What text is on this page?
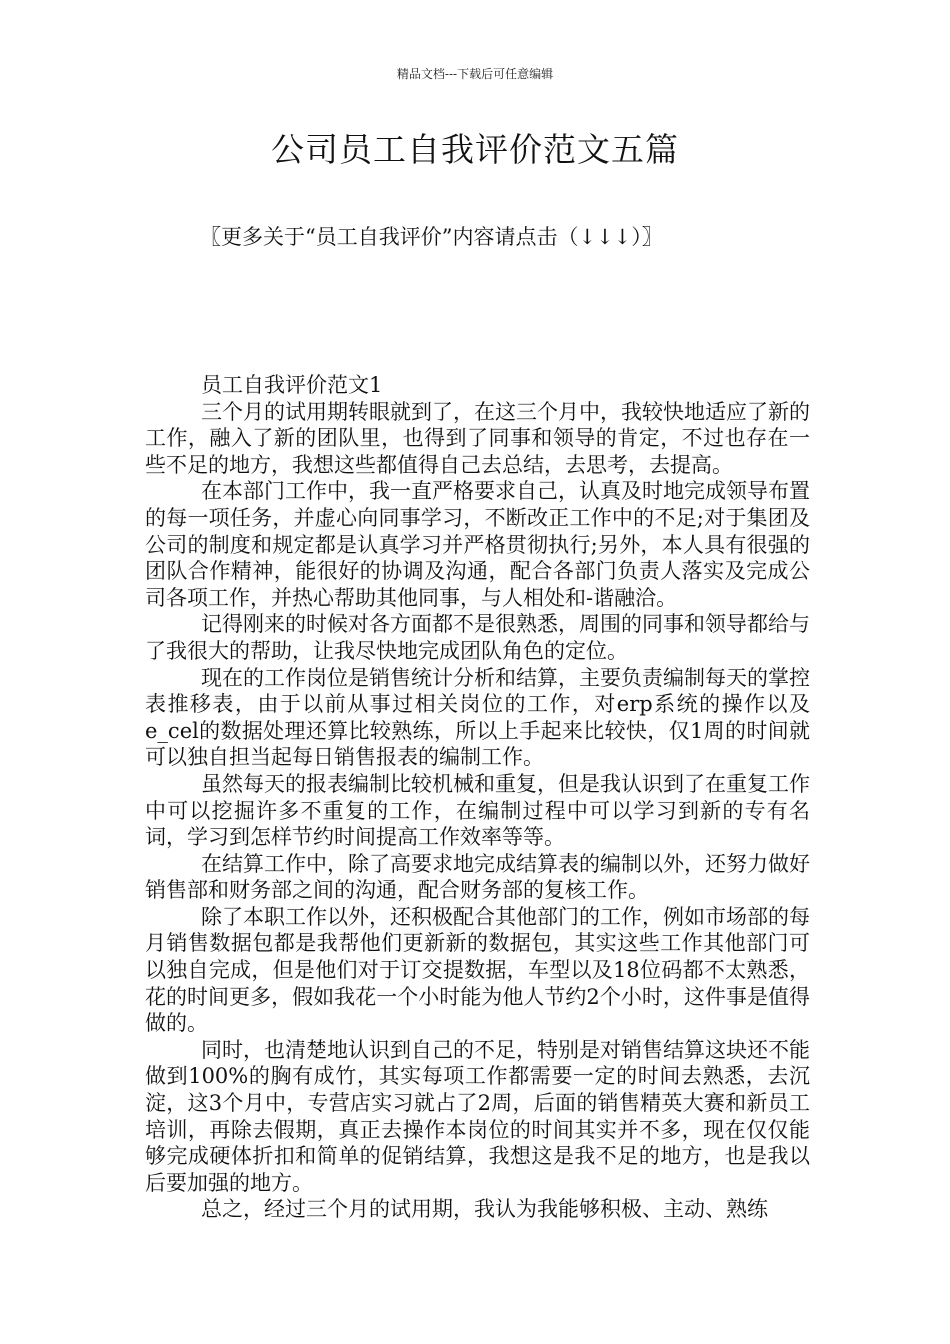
精品文档---下载后可任意编辑
公司员工自我评价范文五篇
〖更多关于“员工自我评价”内容请点击（↓↓↓）〗

员工自我评价范文1

三个月的试用期转眼就到了，在这三个月中，我较快地适应了新的工作，融入了新的团队里，也得到了同事和领导的肯定，不过也存在一些不足的地方，我想这些都值得自己去总结，去思考，去提高。

在本部门工作中，我一直严格要求自己，认真及时地完成领导布置的每一项任务，并虚心向同事学习，不断改正工作中的不足;对于集团及公司的制度和规定都是认真学习并严格贯彻执行;另外，本人具有很强的团队合作精神，能很好的协调及沟通，配合各部门负责人落实及完成公司各项工作，并热心帮助其他同事，与人相处和-谐融洽。

记得刚来的时候对各方面都不是很熟悉，周围的同事和领导都给与了我很大的帮助，让我尽快地完成团队角色的定位。

现在的工作岗位是销售统计分析和结算，主要负责编制每天的掌控表推移表，由于以前从事过相关岗位的工作，对erp系统的操作以及e_cel的数据处理还算比较熟练，所以上手起来比较快，仅1周的时间就可以独自担当起每日销售报表的编制工作。

虽然每天的报表编制比较机械和重复，但是我认识到了在重复工作中可以挖掘许多不重复的工作，在编制过程中可以学习到新的专有名词，学习到怎样节约时间提高工作效率等等。

在结算工作中，除了高要求地完成结算表的编制以外，还努力做好销售部和财务部之间的沟通，配合财务部的复核工作。

除了本职工作以外，还积极配合其他部门的工作，例如市场部的每月销售数据包都是我帮他们更新新的数据包，其实这些工作其他部门可以独自完成，但是他们对于订交提数据，车型以及18位码都不太熟悉，花的时间更多，假如我花一个小时能为他人节约2个小时，这件事是值得做的。

同时，也清楚地认识到自己的不足，特别是对销售结算这块还不能做到100%的胸有成竹，其实每项工作都需要一定的时间去熟悉，去沉淀，这3个月中，专营店实习就占了2周，后面的销售精英大赛和新员工培训，再除去假期，真正去操作本岗位的时间其实并不多，现在仅仅能够完成硬体折扣和简单的促销结算，我想这是我不足的地方，也是我以后要加强的地方。

总之，经过三个月的试用期，我认为我能够积极、主动、熟练
